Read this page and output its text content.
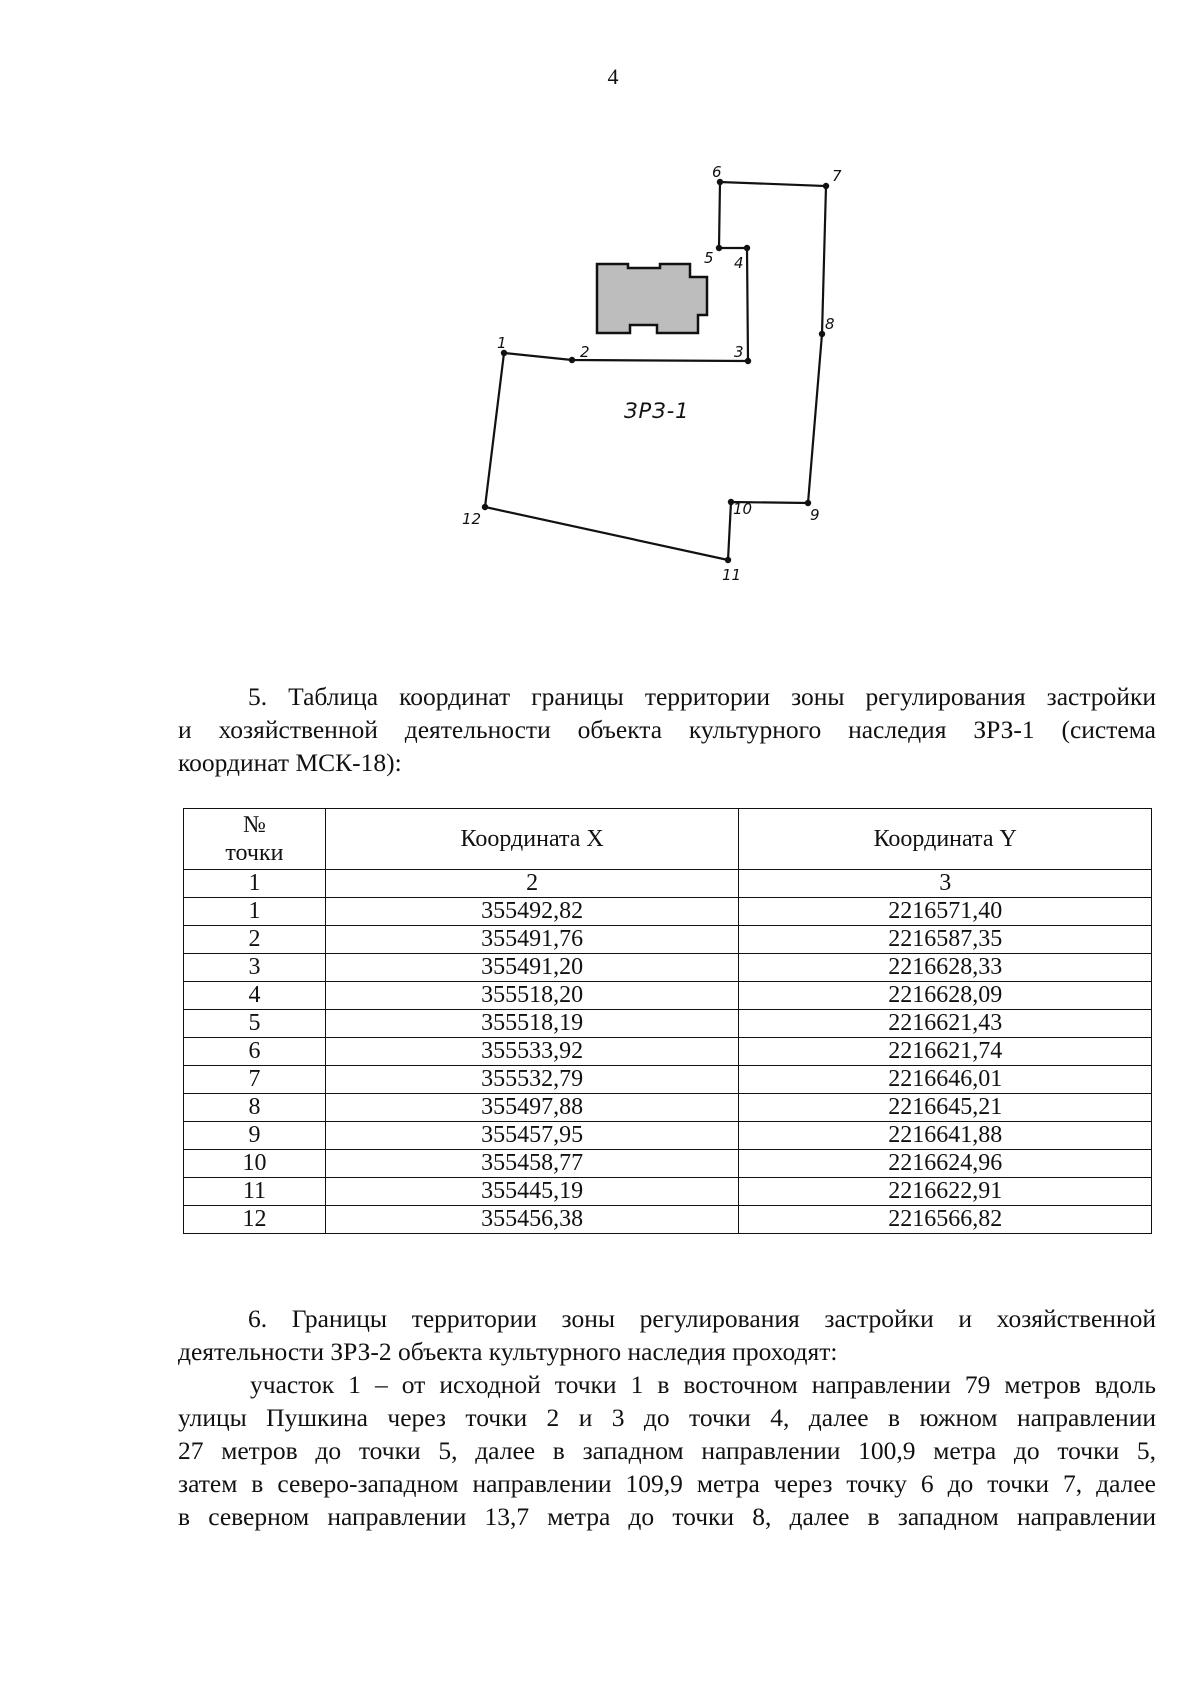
4
1	2	3
4
5
6	7
8
9
10
11
12
ЗРЗ-1
5. Таблица координат границы территории зоны регулирования застройки
и хозяйственной деятельности объекта культурного наследия ЗРЗ-1 (система
координат МСК-18):
№
точки	Координата X	Координата Y
1	2	3
1	355492,82	2216571,40
2	355491,76	2216587,35
3	355491,20	2216628,33
4	355518,20	2216628,09
5	355518,19	2216621,43
6	355533,92	2216621,74
7	355532,79	2216646,01
8	355497,88	2216645,21
9	355457,95	2216641,88
10	355458,77	2216624,96
11	355445,19	2216622,91
12	355456,38	2216566,82
6. Границы территории зоны регулирования застройки и хозяйственной
деятельности ЗРЗ-2 объекта культурного наследия проходят:
участок 1 – от исходной точки 1 в восточном направлении 79 метров вдоль
улицы Пушкина через точки 2 и 3 до точки 4, далее в южном направлении
27 метров до точки 5, далее в западном направлении 100,9 метра до точки 5,
затем в северо-западном направлении 109,9 метра через точку 6 до точки 7, далее
в северном направлении 13,7 метра до точки 8, далее в западном направлении
